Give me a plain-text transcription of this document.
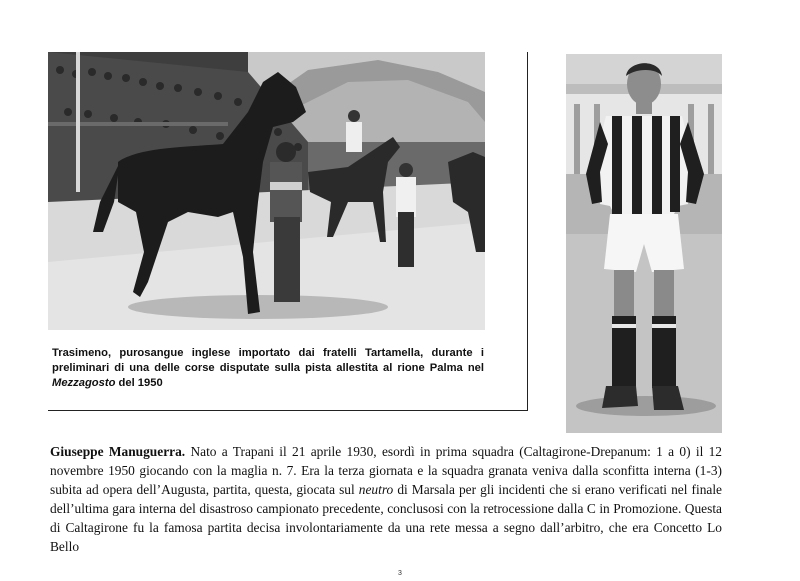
Trasimeno, purosangue inglese importato dai fratelli Tartamella, durante i preliminari di una delle corse disputate sulla pista allestita al rione Palma nel Mezzagosto del 1950
Giuseppe Manuguerra. Nato a Trapani il 21 aprile 1930, esordì in prima squadra (Caltagirone-Drepanum: 1 a 0) il 12 novembre 1950 giocando con la maglia n. 7. Era la terza giornata e la squadra granata veniva dalla sconfitta interna (1-3) subita ad opera dell’Augusta, partita, questa, giocata sul neutro di Marsala per gli incidenti che si erano verificati nel finale dell’ultima gara interna del disastroso campionato precedente, conclusosi con la retrocessione dalla C in Promozione. Questa di Caltagirone fu la famosa partita decisa involontariamente da una rete messa a segno dall’arbitro, che era Concetto Lo Bello
3
